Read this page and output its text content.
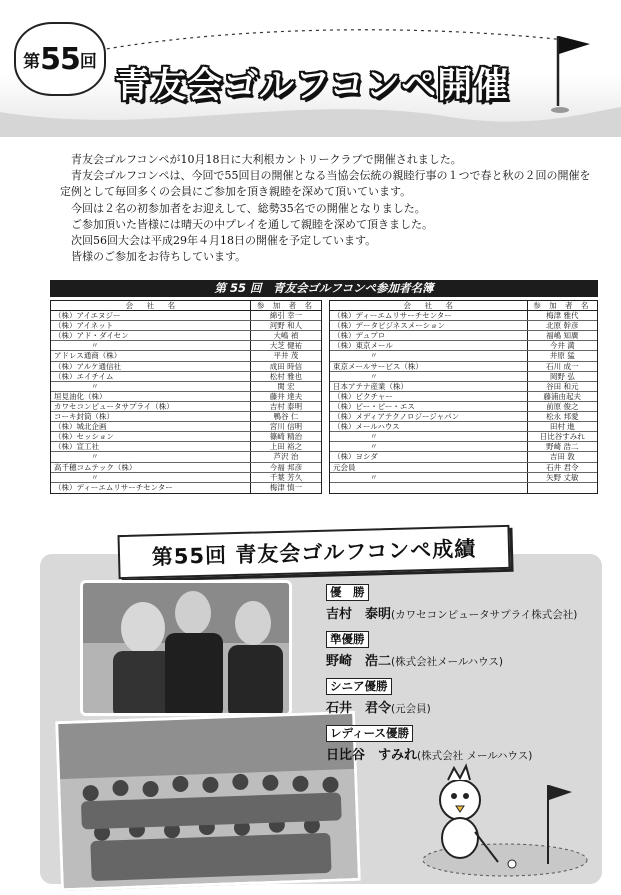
第 55 回
青友会ゴルフコンペ開催

青友会ゴルフコンペが10月18日に大利根カントリークラブで開催されました。

青友会ゴルフコンペは、今回で55回目の開催となる当協会伝統の親睦行事の１つで春と秋の２回の開催を定例として毎回多くの会員にご参加を頂き親睦を深めて頂いています。

今回は２名の初参加者をお迎えして、総勢35名での開催となりました。

ご参加頂いた皆様には晴天の中プレイを通して親睦を深めて頂きました。

次回56回大会は平成29年４月18日の開催を予定しています。

皆様のご参加をお待ちしています。

第 55 回　青友会ゴルフコンペ参加者名簿
会　社　名	参 加 者 名
（株）アイエヌジー	綿引 幸一
（株）アイネット	河野 和人
（株）アド・ダイセン	大嶋 禎
〃	大芝 健祐
アドレス通商（株）	平井 茂
（株）アルケ通信社	成田 時信
（株）エイチイム	松村 雅也
〃	関 宏
垣見油化（株）	藤井 達夫
カワセコンピュータサプライ（株）	吉村 泰明
コーキ封筒（株）	鴨谷 仁
（株）城北企画	宮川 信明
（株）セッション	篠崎 精治
（株）宣工社	上田 裕之
〃	芦沢 治
高千穂コムテック（株）	今福 邦彦
〃	千葉 芳久
（株）ディーエムリサーチセンター	梅津 慎一
会　社　名	参 加 者 名
（株）ディーエムリサーチセンター	梅津 雅代
（株）データビジネスメーション	北原 幹彦
（株）デュプロ	福嶋 知廣
（株）東京メール	今井 満
〃	井原 猛
東京メールサービス（株）	石川 成一
〃	岡野 弘
日本アテナ産業（株）	谷田 和元
（株）ピクチャー	藤浦由起夫
（株）ピー・ピー・エス	前原 俊之
（株）メディアテクノロジージャパン	松永 邦愛
（株）メールハウス	田村 進
〃	日比谷すみれ
〃	野崎 浩二
（株）ヨシダ	吉田 敦
元会員	石井 君令
〃	矢野 丈敏
第55回 青友会ゴルフコンペ成績
優　勝
吉村　泰明(カワセコンピュータサプライ株式会社)
準優勝
野崎　浩二(株式会社メールハウス)
シニア優勝
石井　君令(元会員)
レディース優勝
日比谷　すみれ(株式会社 メールハウス)
